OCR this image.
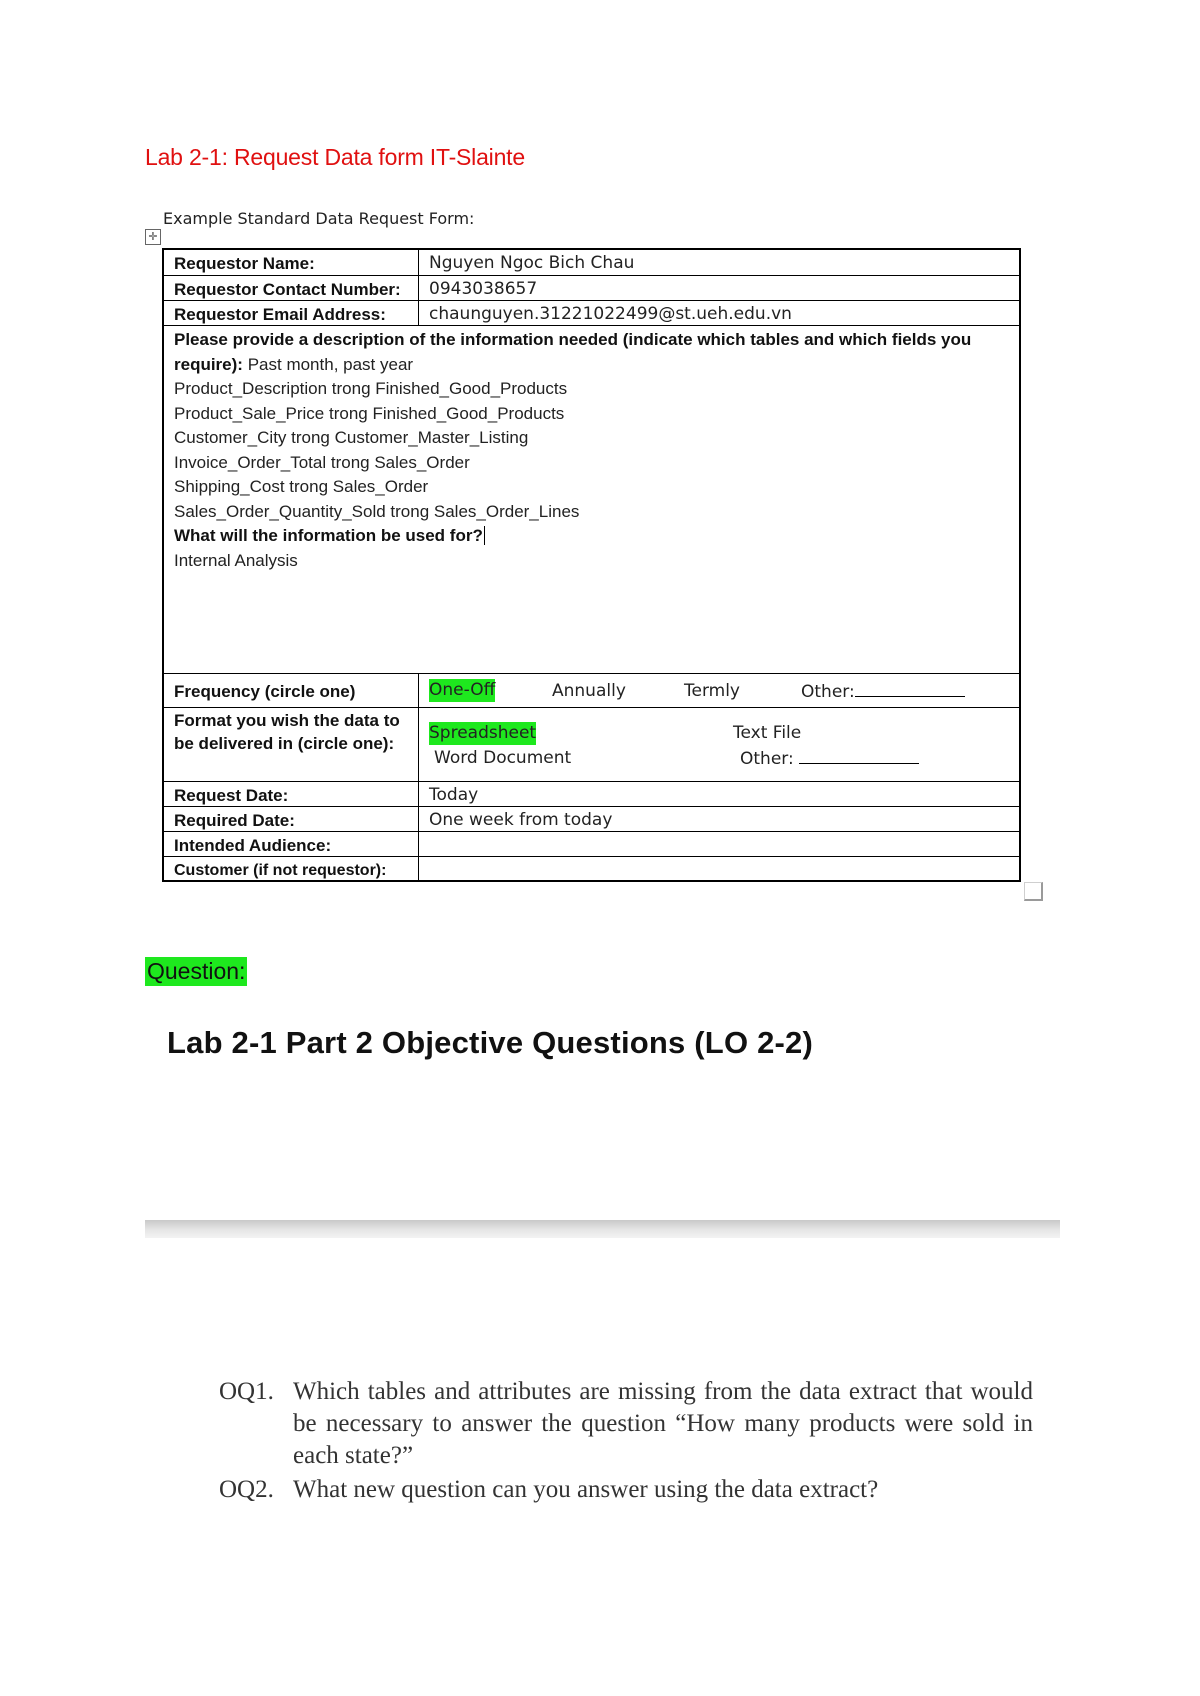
Lab 2-1: Request Data form IT-Slainte
Example Standard Data Request Form:
✛
Requestor Name:	Nguyen Ngoc Bich Chau
Requestor Contact Number:	0943038657
Requestor Email Address:	chaunguyen.31221022499@st.ueh.edu.vn
Please provide a description of the information needed (indicate which tables and which fields you require): Past month, past year
Product_Description trong Finished_Good_Products
Product_Sale_Price trong Finished_Good_Products
Customer_City trong Customer_Master_Listing
Invoice_Order_Total trong Sales_Order
Shipping_Cost trong Sales_Order
Sales_Order_Quantity_Sold trong Sales_Order_Lines
What will the information be used for?
Internal Analysis
Frequency (circle one)	One-Off	Annually	Termly	Other:
Format you wish the data to be delivered in (circle one):
Spreadsheet	Text File
Word Document	Other:
Request Date:	Today
Required Date:	One week from today
Intended Audience:
Customer (if not requestor):
Question:
Lab 2-1 Part 2 Objective Questions (LO 2-2)
OQ1. Which tables and attributes are missing from the data extract that would be necessary to answer the question “How many products were sold in each state?”
OQ2. What new question can you answer using the data extract?
